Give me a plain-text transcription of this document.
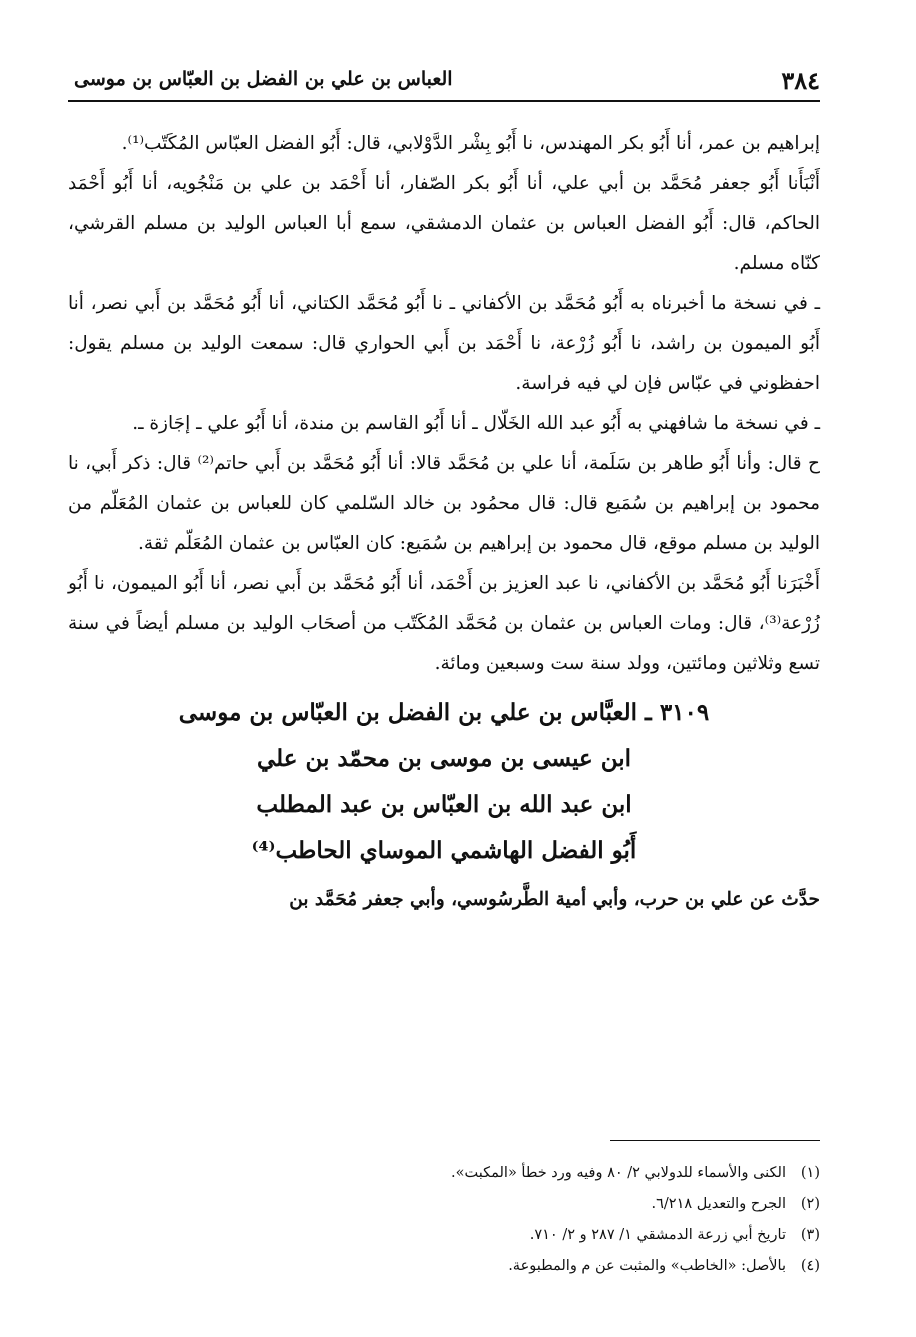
٣٨٤
العباس بن علي بن الفضل بن العبّاس بن موسى

إبراهيم بن عمر، أنا أَبُو بكر المهندس، نا أَبُو بِشْر الدَّوْلابي، قال: أَبُو الفضل العبّاس المُكَتّب⁽¹⁾.

أَنْبَأَنا أَبُو جعفر مُحَمَّد بن أبي علي، أنا أَبُو بكر الصّفار، أنا أَحْمَد بن علي بن مَنْجُويه، أنا أَبُو أَحْمَد الحاكم، قال: أَبُو الفضل العباس بن عثمان الدمشقي، سمع أبا العباس الوليد بن مسلم القرشي، كنّاه مسلم.

ـ في نسخة ما أخبرناه به أَبُو مُحَمَّد بن الأكفاني ـ نا أَبُو مُحَمَّد الكتاني، أنا أَبُو مُحَمَّد بن أَبي نصر، أنا أَبُو الميمون بن راشد، نا أَبُو زُرْعة، نا أَحْمَد بن أَبي الحواري قال: سمعت الوليد بن مسلم يقول: احفظوني في عبّاس فإن لي فيه فراسة.

ـ في نسخة ما شافهني به أَبُو عبد الله الخَلّال ـ أنا أَبُو القاسم بن مندة، أنا أَبُو علي ـ إجَازة ـ.

ح قال: وأنا أَبُو طاهر بن سَلَمة، أنا علي بن مُحَمَّد قالا: أنا أَبُو مُحَمَّد بن أَبي حاتم⁽²⁾ قال: ذكر أَبي، نا محمود بن إبراهيم بن سُمَيع قال: قال محمُود بن خالد السّلمي كان للعباس بن عثمان المُعَلّم من الوليد بن مسلم موقع، قال محمود بن إبراهيم بن سُمَيع: كان العبّاس بن عثمان المُعَلّم ثقة.

أَخْبَرَنا أَبُو مُحَمَّد بن الأكفاني، نا عبد العزيز بن أَحْمَد، أنا أَبُو مُحَمَّد بن أَبي نصر، أنا أَبُو الميمون، نا أَبُو زُرْعة⁽³⁾، قال: ومات العباس بن عثمان بن مُحَمَّد المُكَتّب من أصحَاب الوليد بن مسلم أيضاً في سنة تسع وثلاثين ومائتين، وولد سنة ست وسبعين ومائة.

٣١٠٩ ـ العبَّاس بن علي بن الفضل بن العبّاس بن موسى
ابن عيسى بن موسى بن محمّد بن علي
ابن عبد الله بن العبّاس بن عبد المطلب
أَبُو الفضل الهاشمي الموساي الحاطب⁽⁴⁾

حدَّث عن علي بن حرب، وأبي أمية الطَّرسُوسي، وأبي جعفر مُحَمَّد بن

(١)
الكنى والأسماء للدولابي ٢/ ٨٠ وفيه ورد خطأ «المكبت».
(٢)
الجرح والتعديل ٦/٢١٨.
(٣)
تاريخ أبي زرعة الدمشقي ١/ ٢٨٧ و ٢/ ٧١٠.
(٤)
بالأصل: «الخاطب» والمثبت عن م والمطبوعة.
